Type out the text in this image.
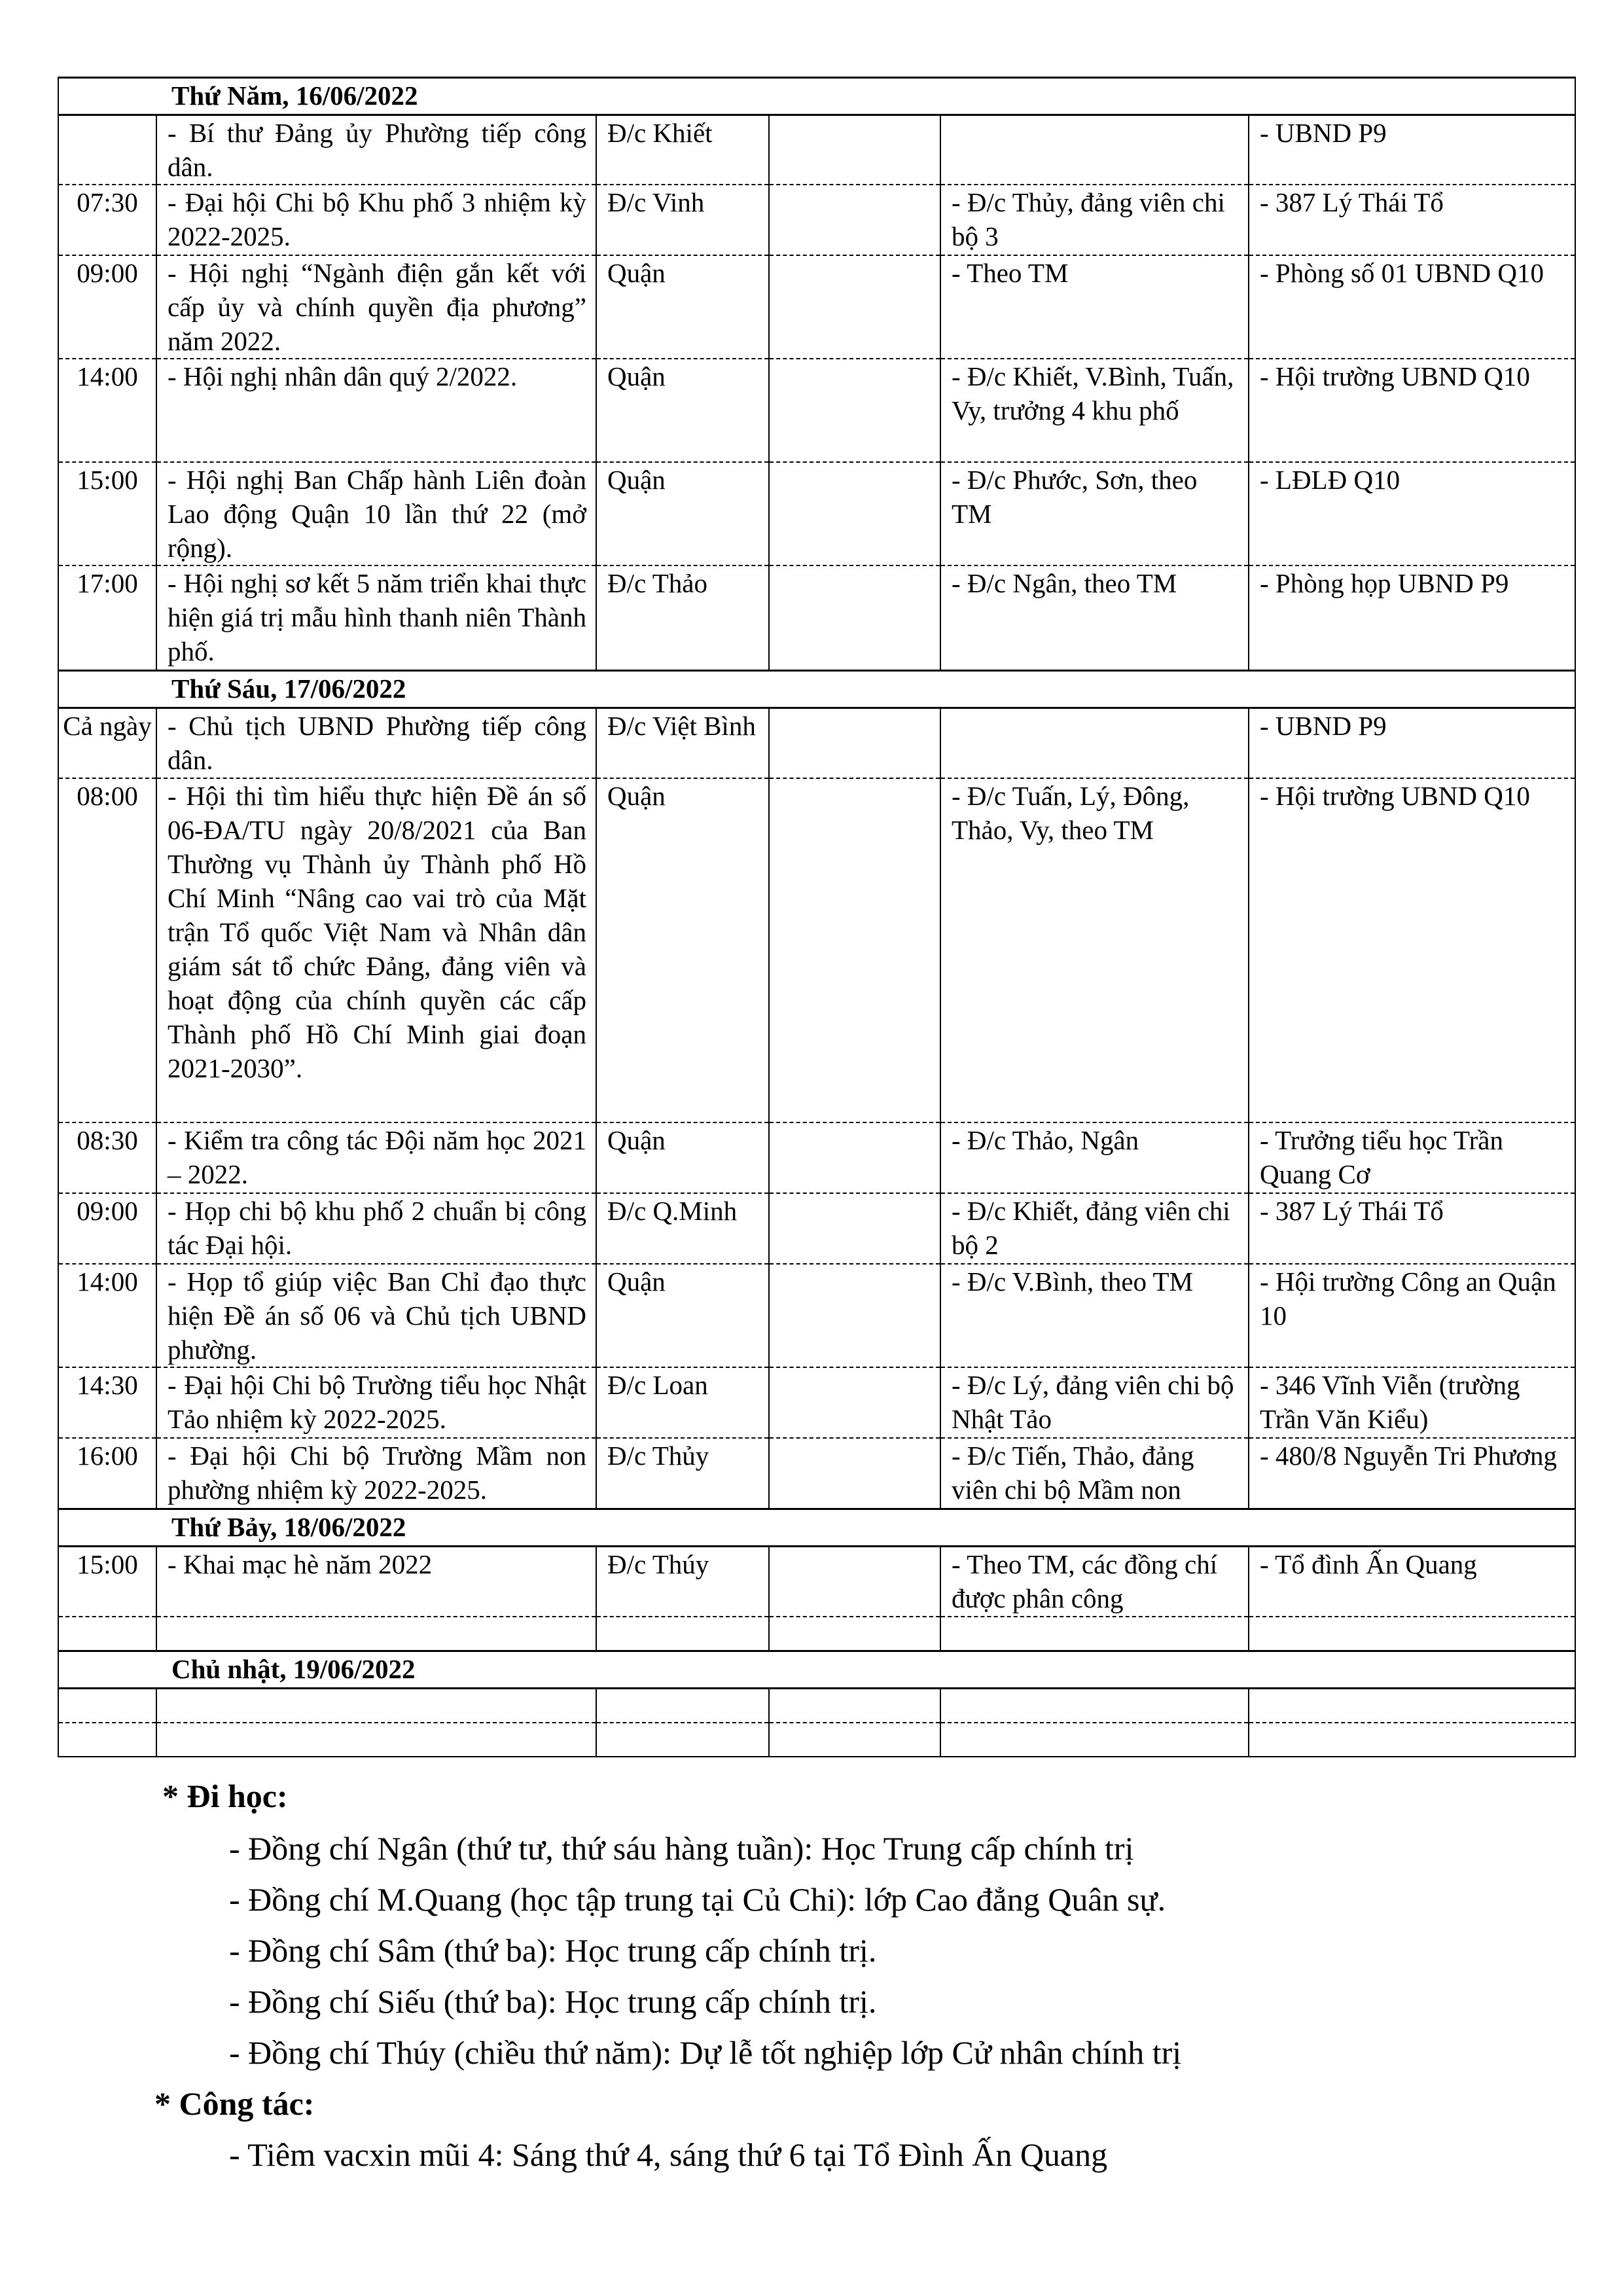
Thứ Năm, 16/06/2022					
	- Bí thư Đảng ủy Phường tiếp công dân.	Đ/c Khiết			- UBND P9
07:30	- Đại hội Chi bộ Khu phố 3 nhiệm kỳ 2022-2025.	Đ/c Vinh		- Đ/c Thủy, đảng viên chi bộ 3	- 387 Lý Thái Tổ
09:00	- Hội nghị “Ngành điện gắn kết với cấp ủy và chính quyền địa phương” năm 2022.	Quận		- Theo TM	- Phòng số 01 UBND Q10
14:00	- Hội nghị nhân dân quý 2/2022.	Quận		- Đ/c Khiết, V.Bình, Tuấn, Vy, trưởng 4 khu phố	- Hội trường UBND Q10
15:00	- Hội nghị Ban Chấp hành Liên đoàn Lao động Quận 10 lần thứ 22 (mở rộng).	Quận		- Đ/c Phước, Sơn, theo TM	- LĐLĐ Q10
17:00	- Hội nghị sơ kết 5 năm triển khai thực hiện giá trị mẫu hình thanh niên Thành phố.	Đ/c Thảo		- Đ/c Ngân, theo TM	- Phòng họp UBND P9
Thứ Sáu, 17/06/2022					
Cả ngày	- Chủ tịch UBND Phường tiếp công dân.	Đ/c Việt Bình			- UBND P9
08:00	- Hội thi tìm hiểu thực hiện Đề án số 06-ĐA/TU ngày 20/8/2021 của Ban Thường vụ Thành ủy Thành phố Hồ Chí Minh “Nâng cao vai trò của Mặt trận Tổ quốc Việt Nam và Nhân dân giám sát tổ chức Đảng, đảng viên và hoạt động của chính quyền các cấp Thành phố Hồ Chí Minh giai đoạn 2021-2030”.	Quận		- Đ/c Tuấn, Lý, Đông, Thảo, Vy, theo TM	- Hội trường UBND Q10
08:30	- Kiểm tra công tác Đội năm học 2021 – 2022.	Quận		- Đ/c Thảo, Ngân	- Trưởng tiểu học Trần Quang Cơ
09:00	- Họp chi bộ khu phố 2 chuẩn bị công tác Đại hội.	Đ/c Q.Minh		- Đ/c Khiết, đảng viên chi bộ 2	- 387 Lý Thái Tổ
14:00	- Họp tổ giúp việc Ban Chỉ đạo thực hiện Đề án số 06 và Chủ tịch UBND phường.	Quận		- Đ/c V.Bình, theo TM	- Hội trường Công an Quận 10
14:30	- Đại hội Chi bộ Trường tiểu học Nhật Tảo nhiệm kỳ 2022-2025.	Đ/c Loan		- Đ/c Lý, đảng viên chi bộ Nhật Tảo	- 346 Vĩnh Viễn (trường Trần Văn Kiểu)
16:00	- Đại hội Chi bộ Trường Mầm non phường nhiệm kỳ 2022-2025.	Đ/c Thủy		- Đ/c Tiến, Thảo, đảng viên chi bộ Mầm non	- 480/8 Nguyễn Tri Phương
Thứ Bảy, 18/06/2022					
15:00	- Khai mạc hè năm 2022	Đ/c Thúy		- Theo TM, các đồng chí được phân công	- Tổ đình Ấn Quang

Chủ nhật, 19/06/2022					

* Đi học:
- Đồng chí Ngân (thứ tư, thứ sáu hàng tuần): Học Trung cấp chính trị
- Đồng chí M.Quang (học tập trung tại Củ Chi): lớp Cao đẳng Quân sự.
- Đồng chí Sâm (thứ ba): Học trung cấp chính trị.
- Đồng chí Siếu (thứ ba): Học trung cấp chính trị.
- Đồng chí Thúy (chiều thứ năm): Dự lễ tốt nghiệp lớp Cử nhân chính trị
* Công tác:
- Tiêm vacxin mũi 4: Sáng thứ 4, sáng thứ 6 tại Tổ Đình Ấn Quang
